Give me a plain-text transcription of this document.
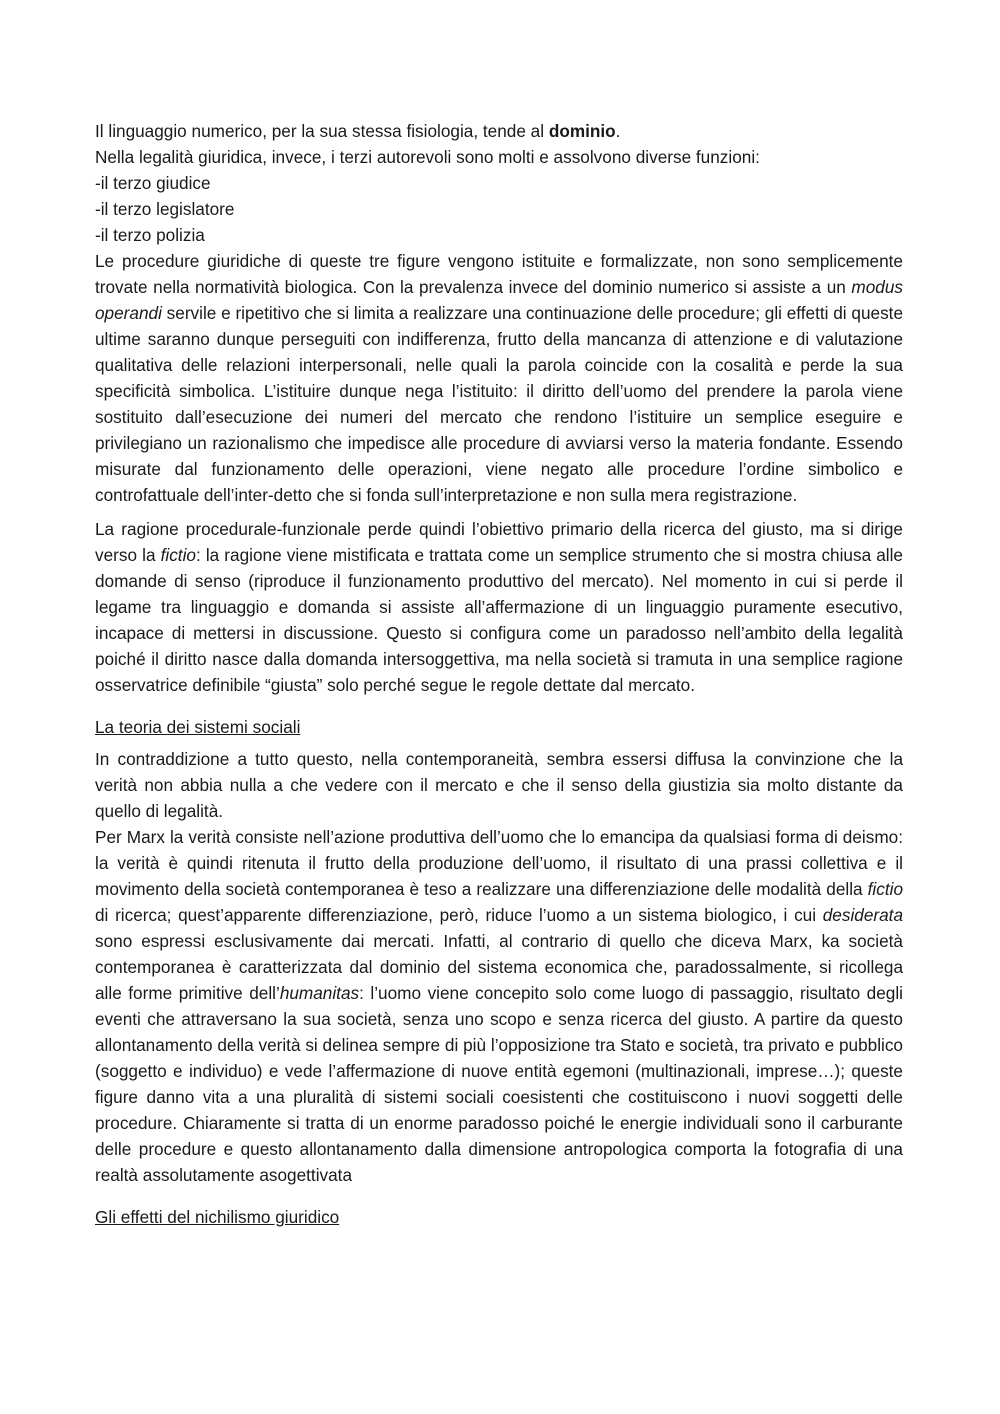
Il linguaggio numerico, per la sua stessa fisiologia, tende al dominio.

Nella legalità giuridica, invece, i terzi autorevoli sono molti e assolvono diverse funzioni:

-il terzo giudice

-il terzo legislatore

-il terzo polizia

Le procedure giuridiche di queste tre figure vengono istituite e formalizzate, non sono semplicemente trovate nella normatività biologica. Con la prevalenza invece del dominio numerico si assiste a un modus operandi servile e ripetitivo che si limita a realizzare una continuazione delle procedure; gli effetti di queste ultime saranno dunque perseguiti con indifferenza, frutto della mancanza di attenzione e di valutazione qualitativa delle relazioni interpersonali, nelle quali la parola coincide con la cosalità e perde la sua specificità simbolica. L’istituire dunque nega l’istituito: il diritto dell’uomo del prendere la parola viene sostituito dall’esecuzione dei numeri del mercato che rendono l’istituire un semplice eseguire e privilegiano un razionalismo che impedisce alle procedure di avviarsi verso la materia fondante. Essendo misurate dal funzionamento delle operazioni, viene negato alle procedure l’ordine simbolico e controfattuale dell’inter-detto che si fonda sull’interpretazione e non sulla mera registrazione.

La ragione procedurale-funzionale perde quindi l’obiettivo primario della ricerca del giusto, ma si dirige verso la fictio: la ragione viene mistificata e trattata come un semplice strumento che si mostra chiusa alle domande di senso (riproduce il funzionamento produttivo del mercato). Nel momento in cui si perde il legame tra linguaggio e domanda si assiste all’affermazione di un linguaggio puramente esecutivo, incapace di mettersi in discussione. Questo si configura come un paradosso nell’ambito della legalità poiché il diritto nasce dalla domanda intersoggettiva, ma nella società si tramuta in una semplice ragione osservatrice definibile “giusta” solo perché segue le regole dettate dal mercato.

La teoria dei sistemi sociali

In contraddizione a tutto questo, nella contemporaneità, sembra essersi diffusa la convinzione che la verità non abbia nulla a che vedere con il mercato e che il senso della giustizia sia molto distante da quello di legalità.

Per Marx la verità consiste nell’azione produttiva dell’uomo che lo emancipa da qualsiasi forma di deismo: la verità è quindi ritenuta il frutto della produzione dell’uomo, il risultato di una prassi collettiva e il movimento della società contemporanea è teso a realizzare una differenziazione delle modalità della fictio di ricerca; quest’apparente differenziazione, però, riduce l’uomo a un sistema biologico, i cui desiderata sono espressi esclusivamente dai mercati. Infatti, al contrario di quello che diceva Marx, ka società contemporanea è caratterizzata dal dominio del sistema economica che, paradossalmente, si ricollega alle forme primitive dell’humanitas: l’uomo viene concepito solo come luogo di passaggio, risultato degli eventi che attraversano la sua società, senza uno scopo e senza ricerca del giusto. A partire da questo allontanamento della verità si delinea sempre di più l’opposizione tra Stato e società, tra privato e pubblico (soggetto e individuo) e vede l’affermazione di nuove entità egemoni (multinazionali, imprese…); queste figure danno vita a una pluralità di sistemi sociali coesistenti che costituiscono i nuovi soggetti delle procedure. Chiaramente si tratta di un enorme paradosso poiché le energie individuali sono il carburante delle procedure e questo allontanamento dalla dimensione antropologica comporta la fotografia di una realtà assolutamente asogettivata

Gli effetti del nichilismo giuridico
